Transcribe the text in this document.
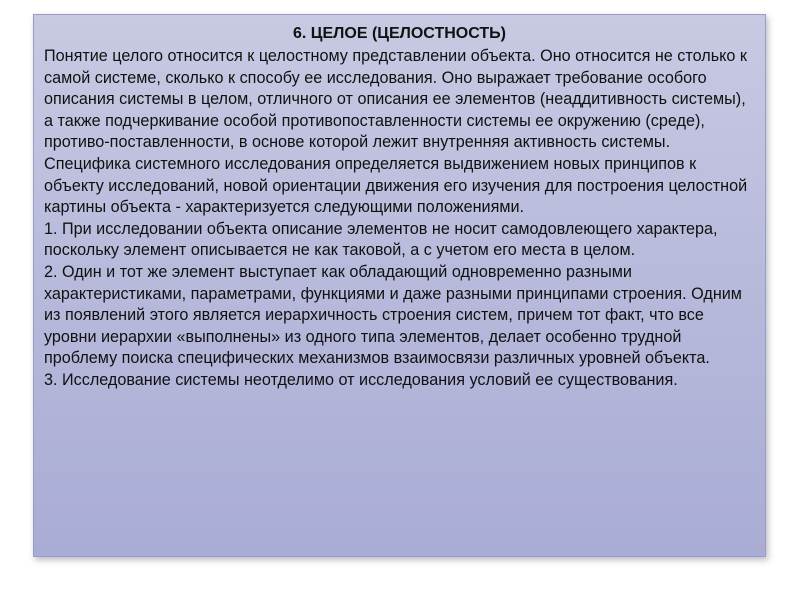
6. ЦЕЛОЕ (ЦЕЛОСТНОСТЬ)

Понятие целого относится к целостному представлении объекта. Оно относится не столько к самой системе, сколько к способу ее исследования. Оно выражает требование особого описания системы в целом, отличного от описания ее элементов (неаддитивность системы), а также подчеркивание особой противопоставленности системы ее окружению (среде), противо-поставленности, в основе которой лежит внутренняя активность системы.

Специфика системного исследования определяется выдвижением новых принципов к объекту исследований, новой ориентации движения его изучения для построения целостной картины объекта - характеризуется следующими положениями.

1. При исследовании объекта описание элементов не носит самодовлеющего характера, поскольку элемент описывается не как таковой, а с учетом его места в целом.

2. Один и тот же элемент выступает как обладающий одновременно разными характеристиками, параметрами, функциями и даже разными принципами строения. Одним из появлений этого является иерархичность строения систем, причем тот факт, что все уровни иерархии «выполнены» из одного типа элементов, делает особенно трудной проблему поиска специфических механизмов взаимосвязи различных уровней объекта.

3. Исследование системы неотделимо от исследования условий ее существования.
